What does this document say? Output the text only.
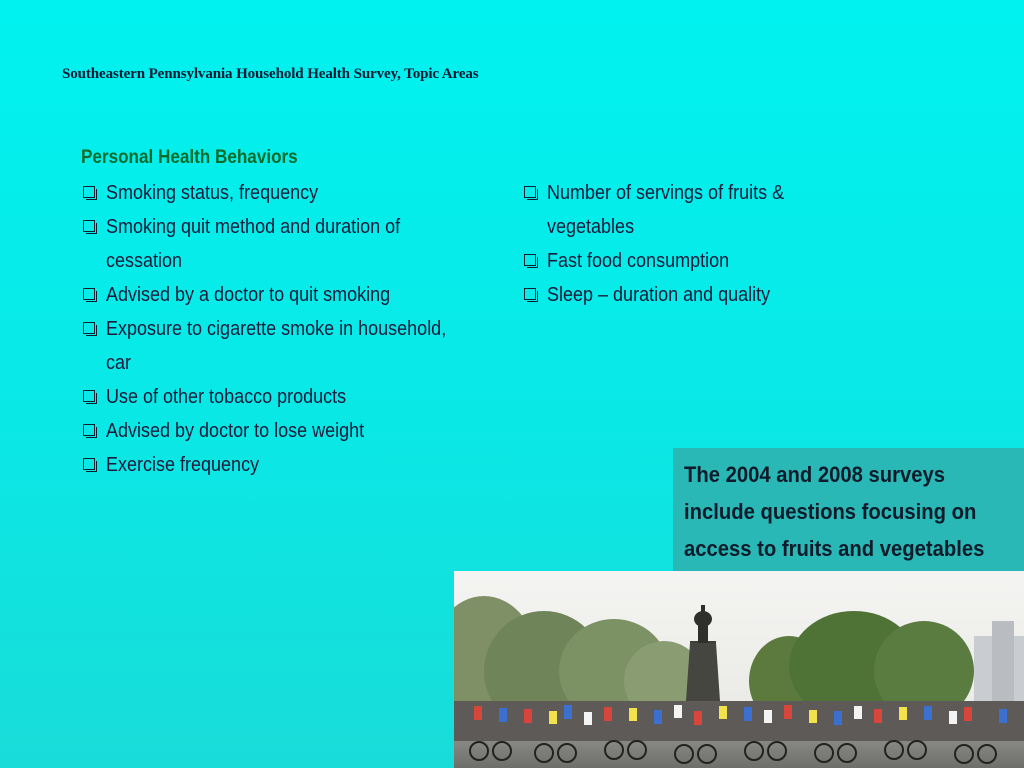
Southeastern Pennsylvania Household Health Survey, Topic Areas
Personal Health Behaviors
Smoking status, frequency
Smoking quit method and duration of cessation
Advised by a doctor to quit smoking
Exposure to cigarette smoke in household, car
Use of other tobacco products
Advised by doctor to lose weight
Exercise frequency
Number of servings of fruits & vegetables
Fast food consumption
Sleep – duration and quality
The 2004 and 2008 surveys include questions focusing on access to fruits and vegetables
